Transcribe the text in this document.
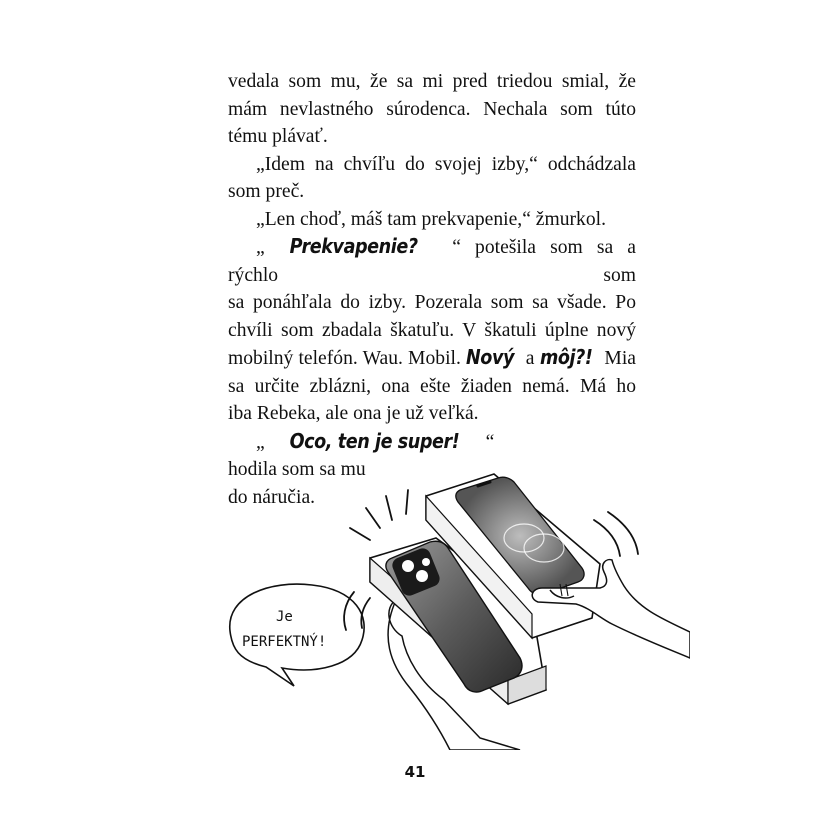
vedala som mu, že sa mi pred triedou smial, že

mám nevlastného súrodenca. Nechala som túto

tému plávať.

„Idem na chvíľu do svojej izby,“ odchádzala

som preč.

„Len choď, máš tam prekvapenie,“ žmurkol.

„ Prekvapenie? “ potešila som sa a rýchlo som

sa ponáhľala do izby. Pozerala som sa všade. Po

chvíli som zbadala škatuľu. V škatuli úplne nový

mobilný telefón. Wau. Mobil. Nový a môj?! Mia

sa určite zblázni, ona ešte žiaden nemá. Má ho

iba Rebeka, ale ona je už veľká.

„ Oco, ten je super! “

hodila som sa mu

do náručia.

Je
PERFEKTNÝ!
41
